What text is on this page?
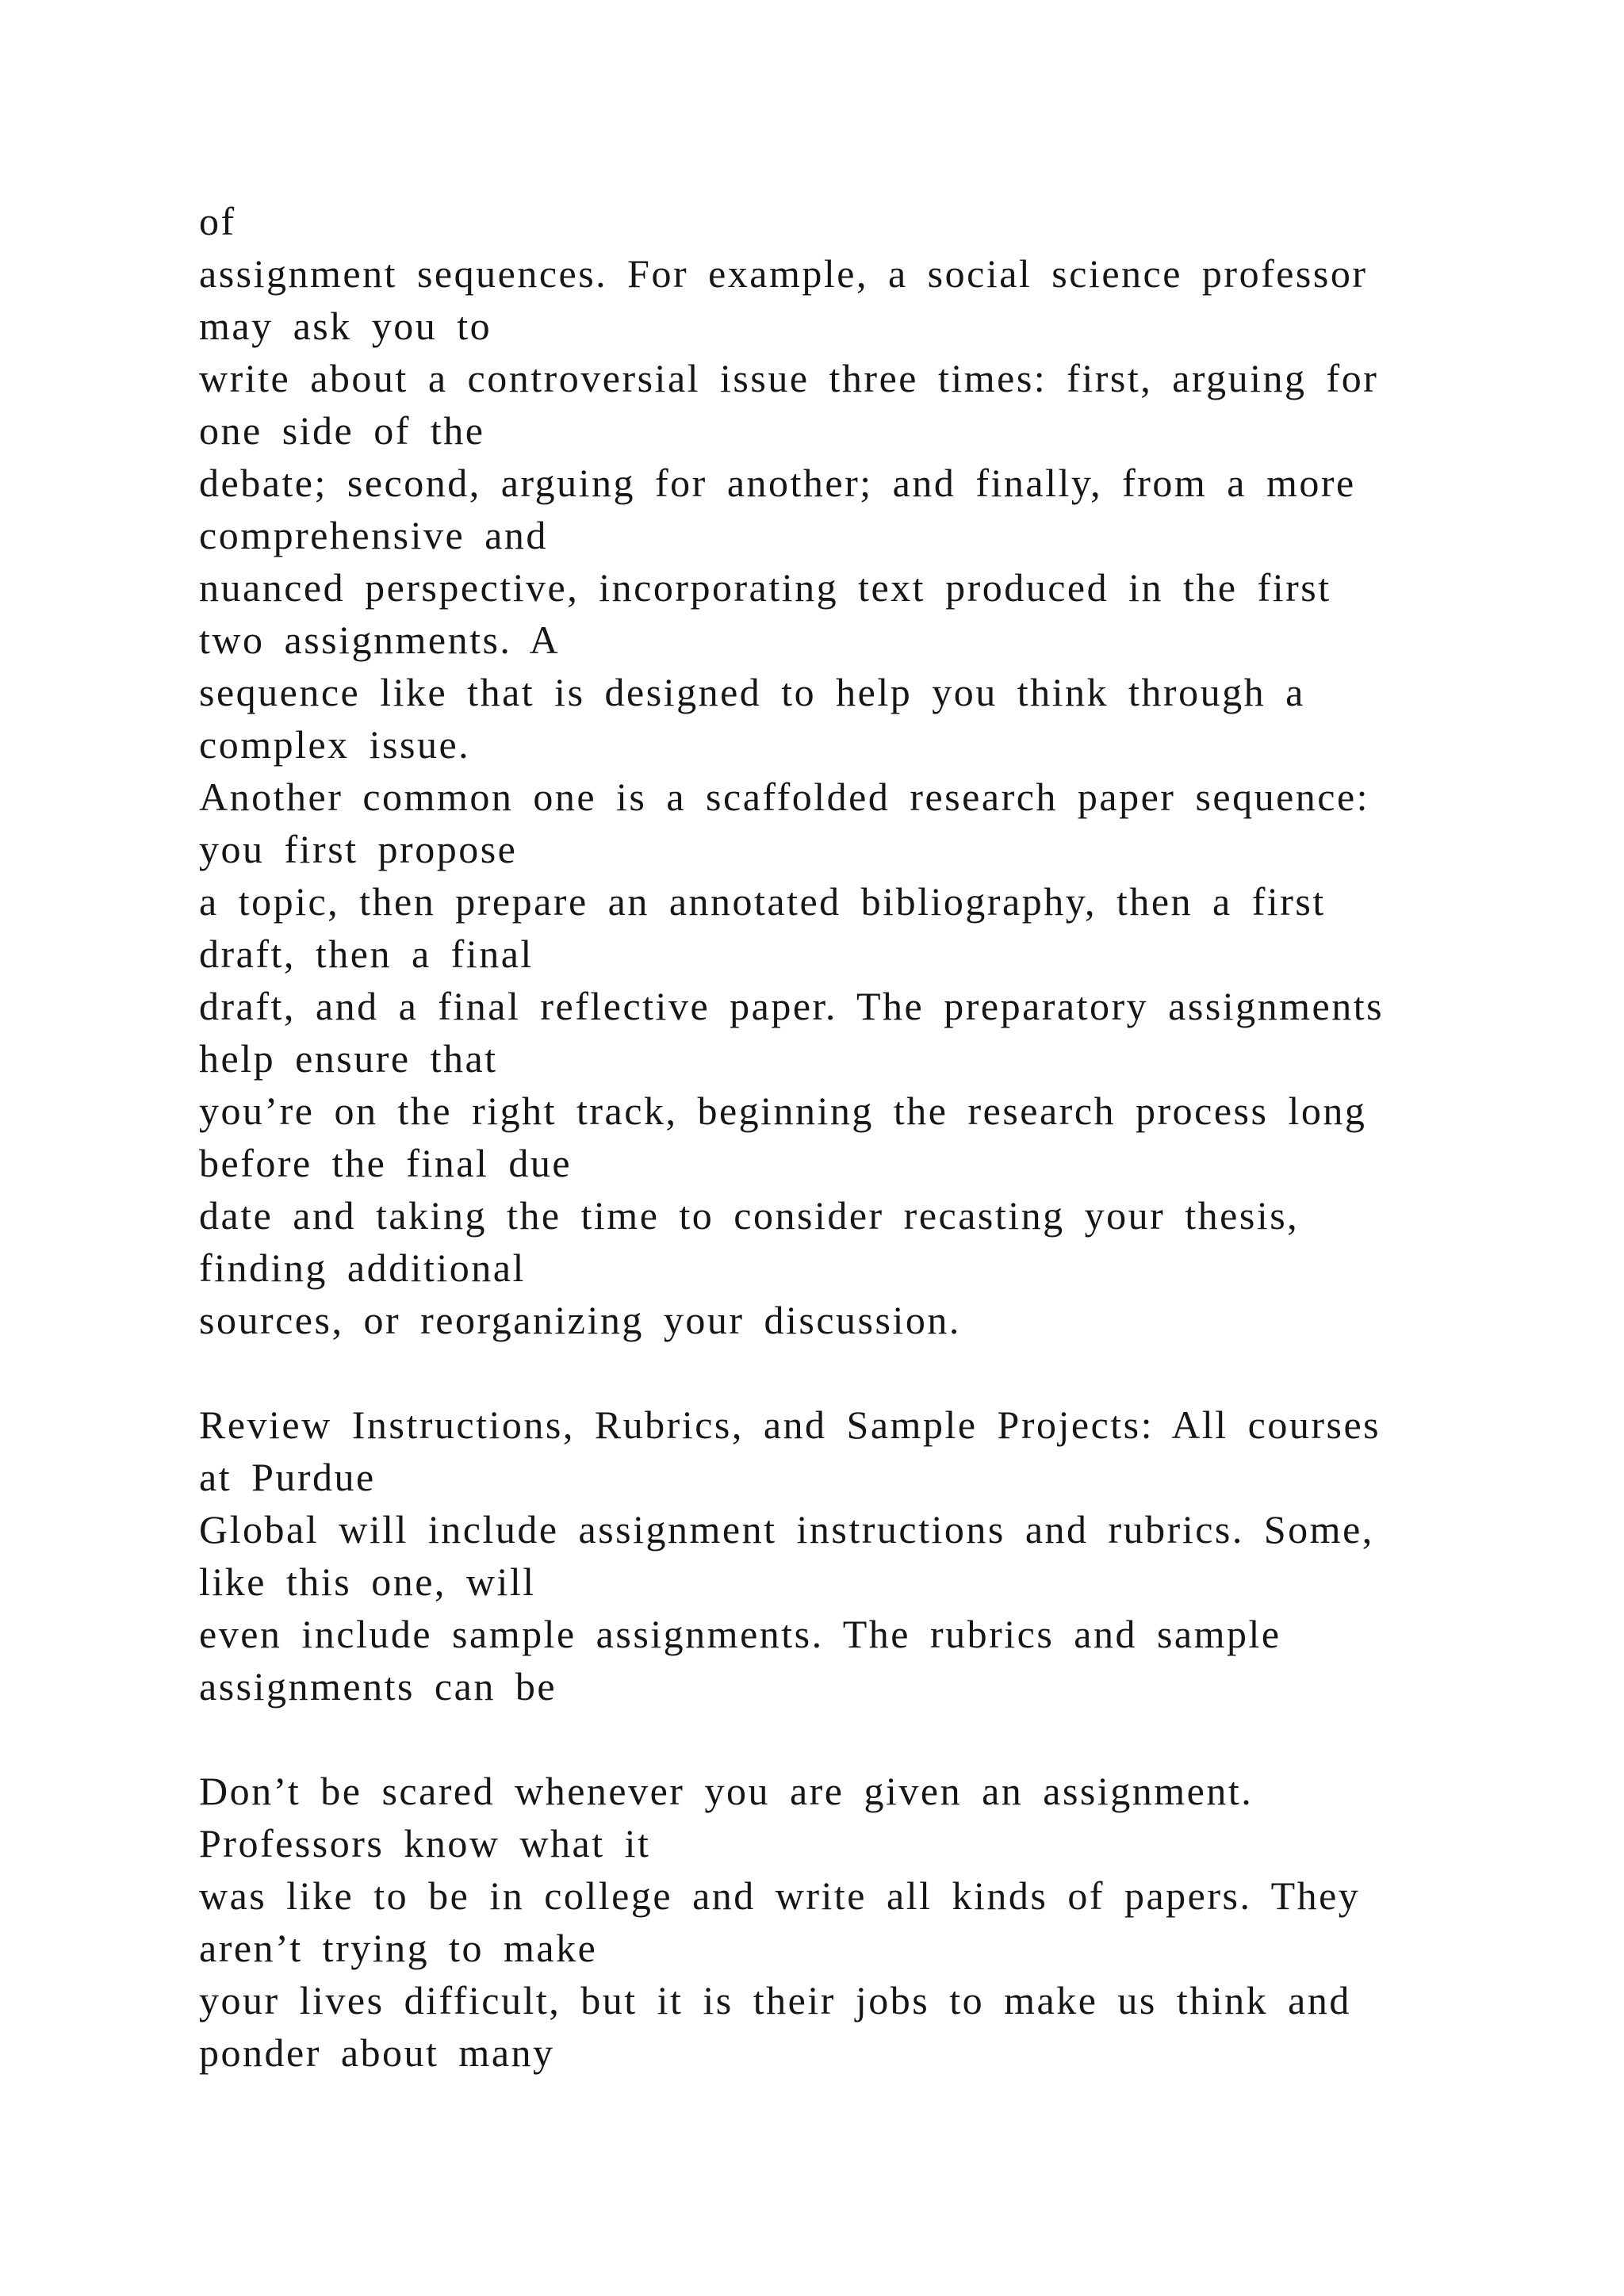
of
assignment sequences. For example, a social science professor
may ask you to
write about a controversial issue three times: first, arguing for
one side of the
debate; second, arguing for another; and finally, from a more
comprehensive and
nuanced perspective, incorporating text produced in the first
two assignments. A
sequence like that is designed to help you think through a
complex issue.
Another common one is a scaffolded research paper sequence:
you first propose
a topic, then prepare an annotated bibliography, then a first
draft, then a final
draft, and a final reflective paper. The preparatory assignments
help ensure that
you’re on the right track, beginning the research process long
before the final due
date and taking the time to consider recasting your thesis,
finding additional
sources, or reorganizing your discussion.
Review Instructions, Rubrics, and Sample Projects: All courses
at Purdue
Global will include assignment instructions and rubrics. Some,
like this one, will
even include sample assignments. The rubrics and sample
assignments can be
Don’t be scared whenever you are given an assignment.
Professors know what it
was like to be in college and write all kinds of papers. They
aren’t trying to make
your lives difficult, but it is their jobs to make us think and
ponder about many
